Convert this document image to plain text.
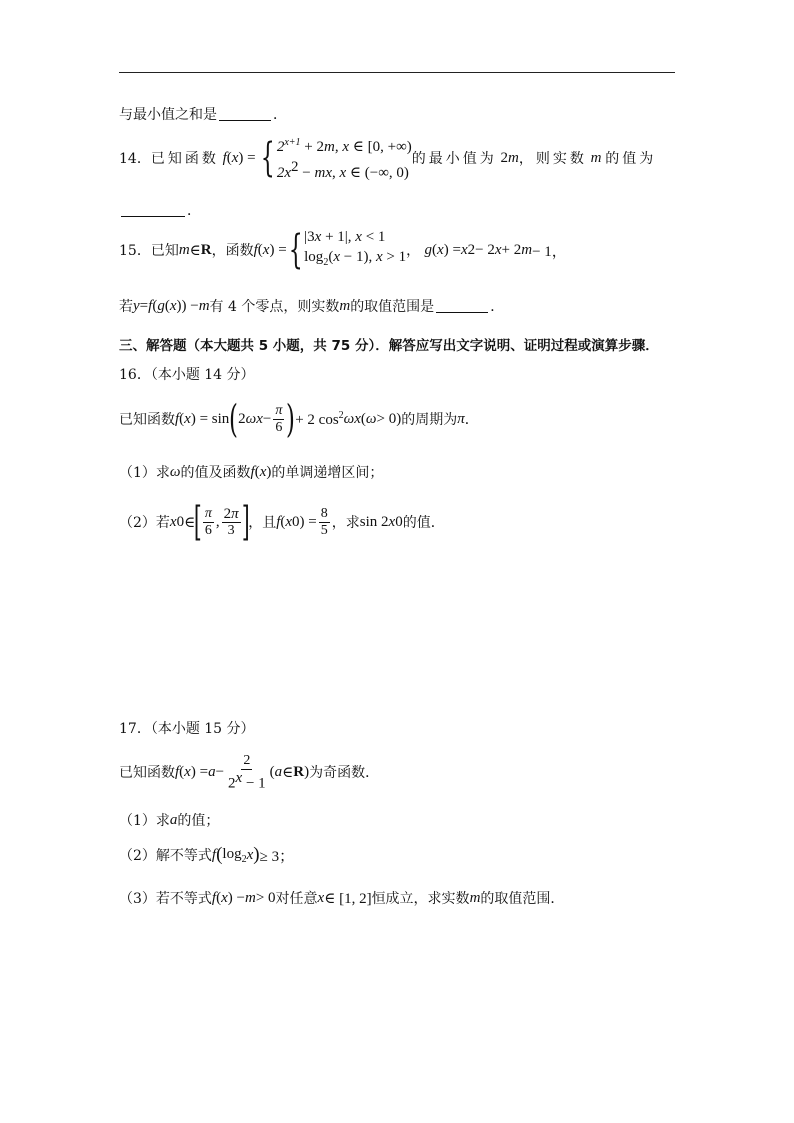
与最小值之和是	．
14． 已知函数 f ( x ) = { $2^{x+1} + 2m$, x ∈ [0, +∞)
$2x^2$ − mx, x ∈ (−∞, 0)
的最小值为 2 m ，则实数 m 的值为
．
15． 已知 m ∈ R ，函数 f ( x ) = { |3x + 1|, x < 1
$\log_2(x - 1)$, x > 1 ， g ( x ) = x 2 − 2 x + 2 m − 1，
若 y = f ( g ( x )) − m 有 4 个零点，则实数 m 的取值范围是	．
三、解答题（本大题共 5 小题，共 75 分）．解答应写出文字说明、证明过程或演算步骤．
16．（本小题 14 分）
已知函数 f ( x ) = sin ( 2 $\omega x - \frac{\pi}{6}$ ) + 2 $\cos^2 \omega x$ ( ω > 0) 的周期为 π ．
（1）求 ω 的值及函数 f ( x ) 的单调递增区间；
（2）若 x 0 ∈
[ $\frac{\pi}{6}$ , $\frac{2\pi}{3}$ ]
，且 f ( x 0 ) = $\frac{8}{5}$ ，求 sin 2 x 0 的值．
17．（本小题 15 分）
已知函数 f ( x ) = $a - \frac{2}{2^x - 1}$ ( a ∈ R ) 为奇函数．
（1）求 a 的值；
（2）解不等式 f ( $\log_2 x$ ) ≥ 3；
（3）若不等式 f ( x ) − m > 0 对任意 x ∈ [1, 2] 恒成立，求实数 m 的取值范围．
